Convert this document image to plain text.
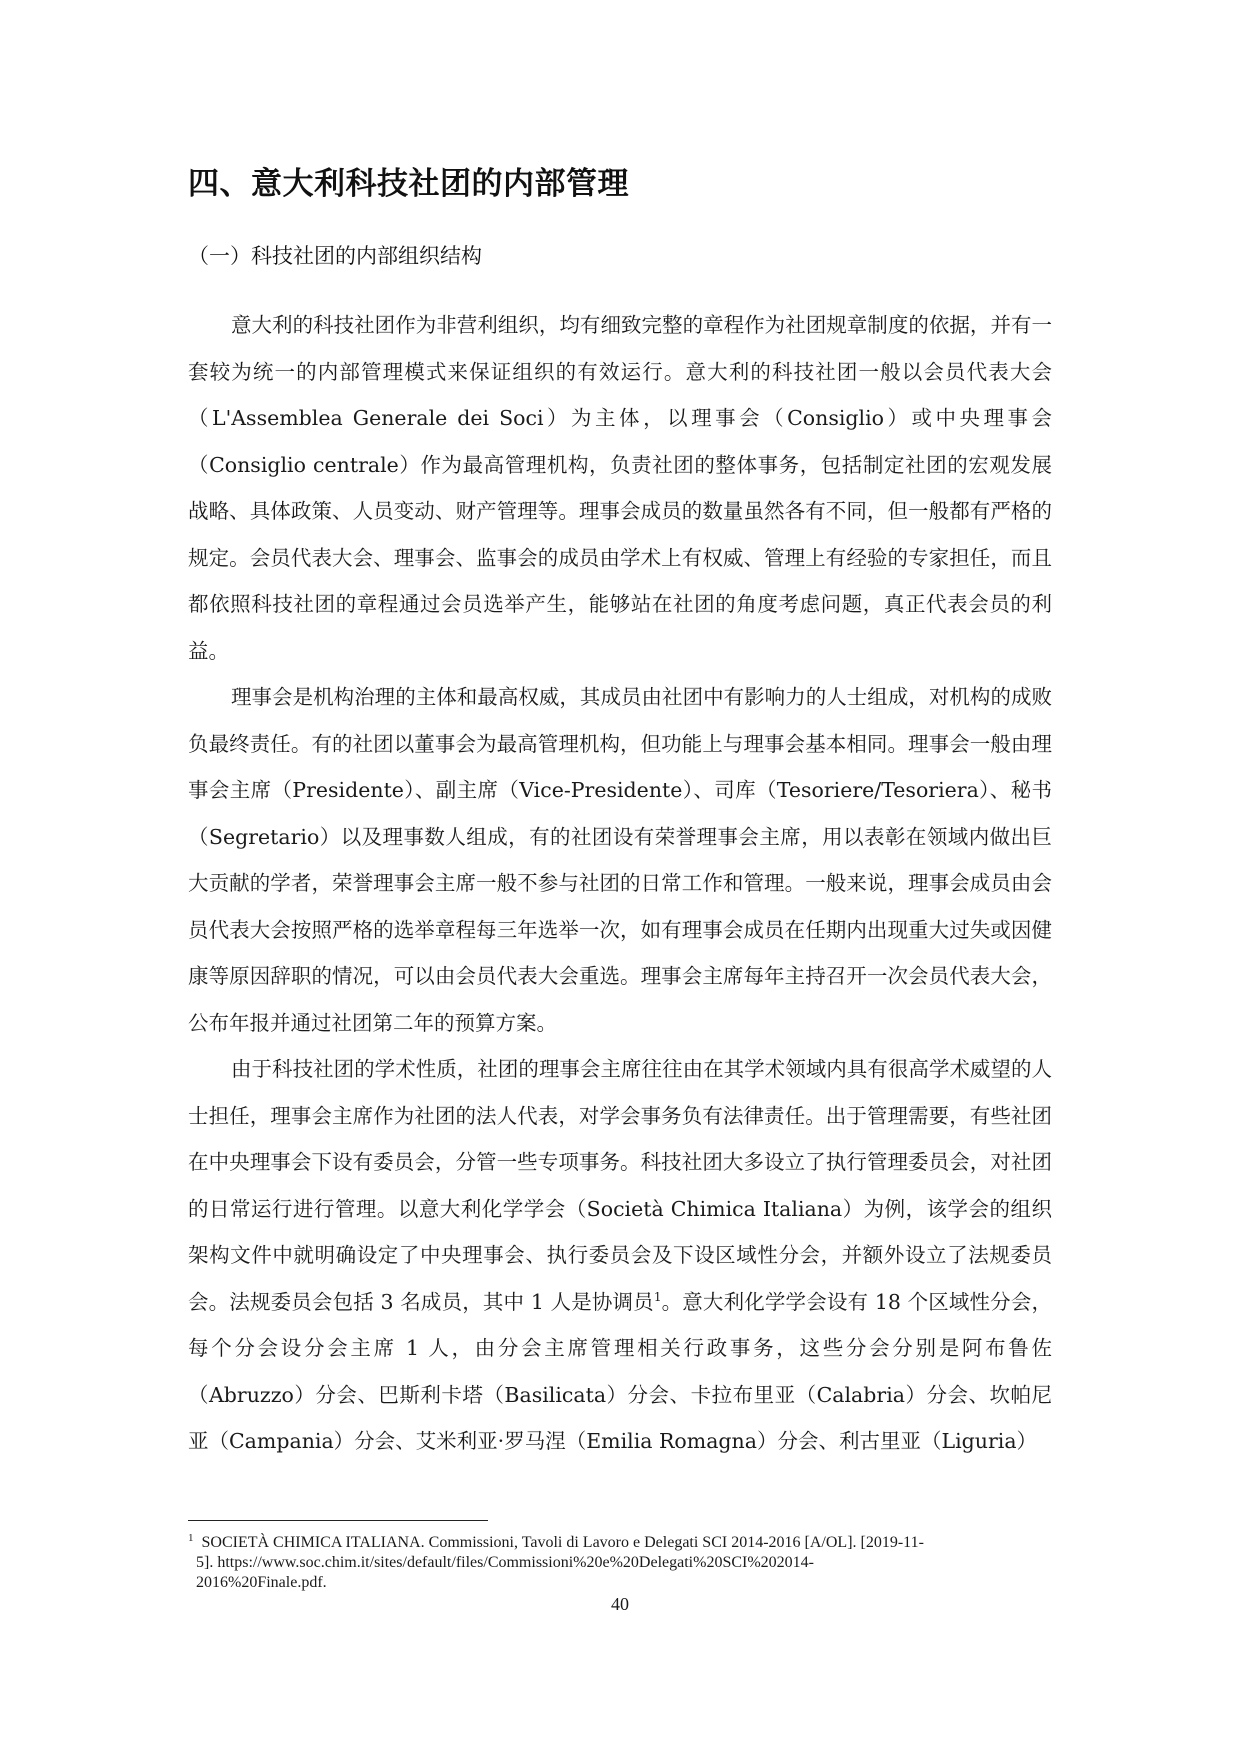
四、意大利科技社团的内部管理
（一）科技社团的内部组织结构

意大利的科技社团作为非营利组织，均有细致完整的章程作为社团规章制度的依据，并有一套较为统一的内部管理模式来保证组织的有效运行。意大利的科技社团一般以会员代表大会（L'Assemblea Generale dei Soci）为主体，以理事会（Consiglio）或中央理事会（Consiglio centrale）作为最高管理机构，负责社团的整体事务，包括制定社团的宏观发展战略、具体政策、人员变动、财产管理等。理事会成员的数量虽然各有不同，但一般都有严格的规定。会员代表大会、理事会、监事会的成员由学术上有权威、管理上有经验的专家担任，而且都依照科技社团的章程通过会员选举产生，能够站在社团的角度考虑问题，真正代表会员的利益。

理事会是机构治理的主体和最高权威，其成员由社团中有影响力的人士组成，对机构的成败负最终责任。有的社团以董事会为最高管理机构，但功能上与理事会基本相同。理事会一般由理事会主席（Presidente）、副主席（Vice-Presidente）、司库（Tesoriere/Tesoriera）、秘书（Segretario）以及理事数人组成，有的社团设有荣誉理事会主席，用以表彰在领域内做出巨大贡献的学者，荣誉理事会主席一般不参与社团的日常工作和管理。一般来说，理事会成员由会员代表大会按照严格的选举章程每三年选举一次，如有理事会成员在任期内出现重大过失或因健康等原因辞职的情况，可以由会员代表大会重选。理事会主席每年主持召开一次会员代表大会，公布年报并通过社团第二年的预算方案。

由于科技社团的学术性质，社团的理事会主席往往由在其学术领域内具有很高学术威望的人士担任，理事会主席作为社团的法人代表，对学会事务负有法律责任。出于管理需要，有些社团在中央理事会下设有委员会，分管一些专项事务。科技社团大多设立了执行管理委员会，对社团的日常运行进行管理。以意大利化学学会（Società Chimica Italiana）为例，该学会的组织架构文件中就明确设定了中央理事会、执行委员会及下设区域性分会，并额外设立了法规委员会。法规委员会包括 3 名成员，其中 1 人是协调员$^1$。意大利化学学会设有 18 个区域性分会，每个分会设分会主席 1 人，由分会主席管理相关行政事务，这些分会分别是阿布鲁佐（Abruzzo）分会、巴斯利卡塔（Basilicata）分会、卡拉布里亚（Calabria）分会、坎帕尼亚（Campania）分会、艾米利亚·罗马涅（Emilia Romagna）分会、利古里亚（Liguria）

$^1$ SOCIETÀ CHIMICA ITALIANA. Commissioni, Tavoli di Lavoro e Delegati SCI 2014-2016 [A/OL]. [2019-11-
5]. https://www.soc.chim.it/sites/default/files/Commissioni%20e%20Delegati%20SCI%202014-
2016%20Finale.pdf.
40
